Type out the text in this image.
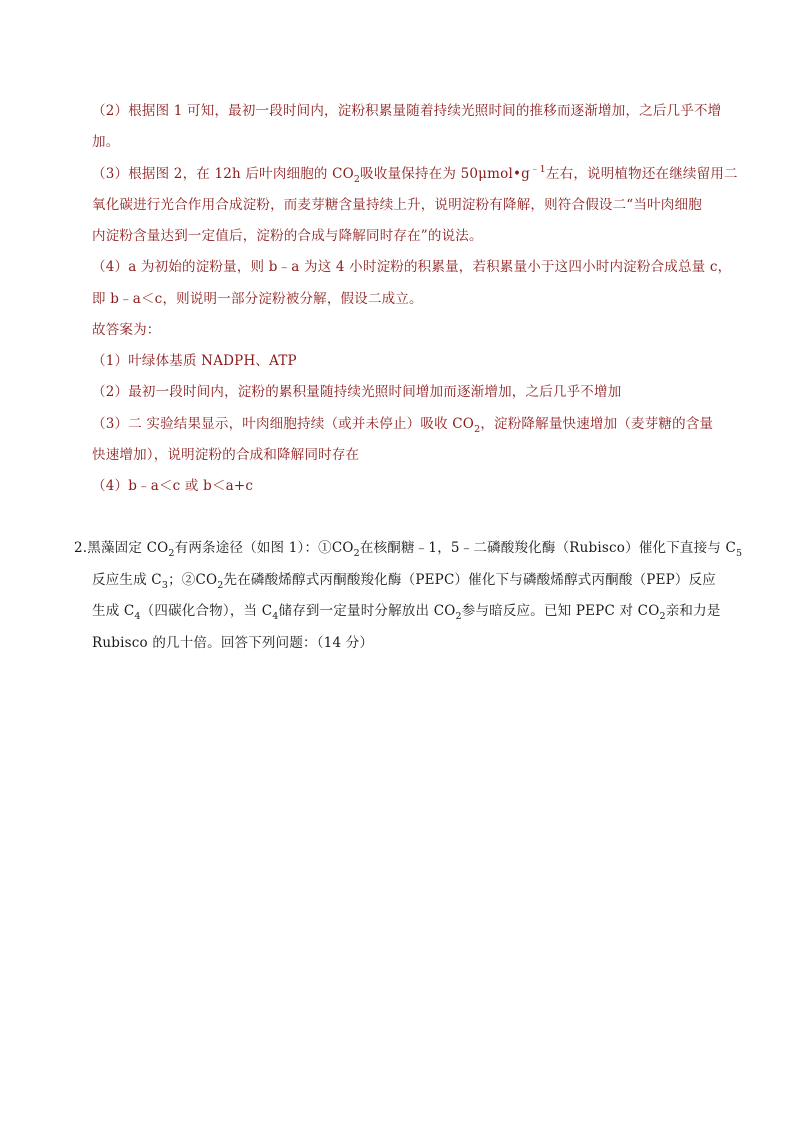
（2）根据图 1 可知，最初一段时间内，淀粉积累量随着持续光照时间的推移而逐渐增加，之后几乎不增
加。
（3）根据图 2，在 12h 后叶肉细胞的 $CO_2$吸收量保持在为 $50\mu mol•g^{﹣1}$左右，说明植物还在继续留用二
氧化碳进行光合作用合成淀粉，而麦芽糖含量持续上升，说明淀粉有降解，则符合假设二“当叶肉细胞
内淀粉含量达到一定值后，淀粉的合成与降解同时存在”的说法。
（4）a 为初始的淀粉量，则 b﹣a 为这 4 小时淀粉的积累量，若积累量小于这四小时内淀粉合成总量 c，
即 b﹣a＜c，则说明一部分淀粉被分解，假设二成立。
故答案为：
（1）叶绿体基质 NADPH、ATP
（2）最初一段时间内，淀粉的累积量随持续光照时间增加而逐渐增加，之后几乎不增加
（3）二 实验结果显示，叶肉细胞持续（或并未停止）吸收 $CO_2$，淀粉降解量快速增加（麦芽糖的含量
快速增加），说明淀粉的合成和降解同时存在
（4）b﹣a＜c 或 b＜a+c
2.黑藻固定 $CO_2$有两条途径（如图 1）：$①CO_2$在核酮糖﹣1，5﹣二磷酸羧化酶（Rubisco）催化下直接与 $C_5$
反应生成 $C_3$；$②CO_2$先在磷酸烯醇式丙酮酸羧化酶（PEPC）催化下与磷酸烯醇式丙酮酸（PEP）反应
生成 $C_4$（四碳化合物），当 $C_4$储存到一定量时分解放出 $CO_2$参与暗反应。已知 PEPC 对 $CO_2$亲和力是
Rubisco 的几十倍。回答下列问题：（14 分）
